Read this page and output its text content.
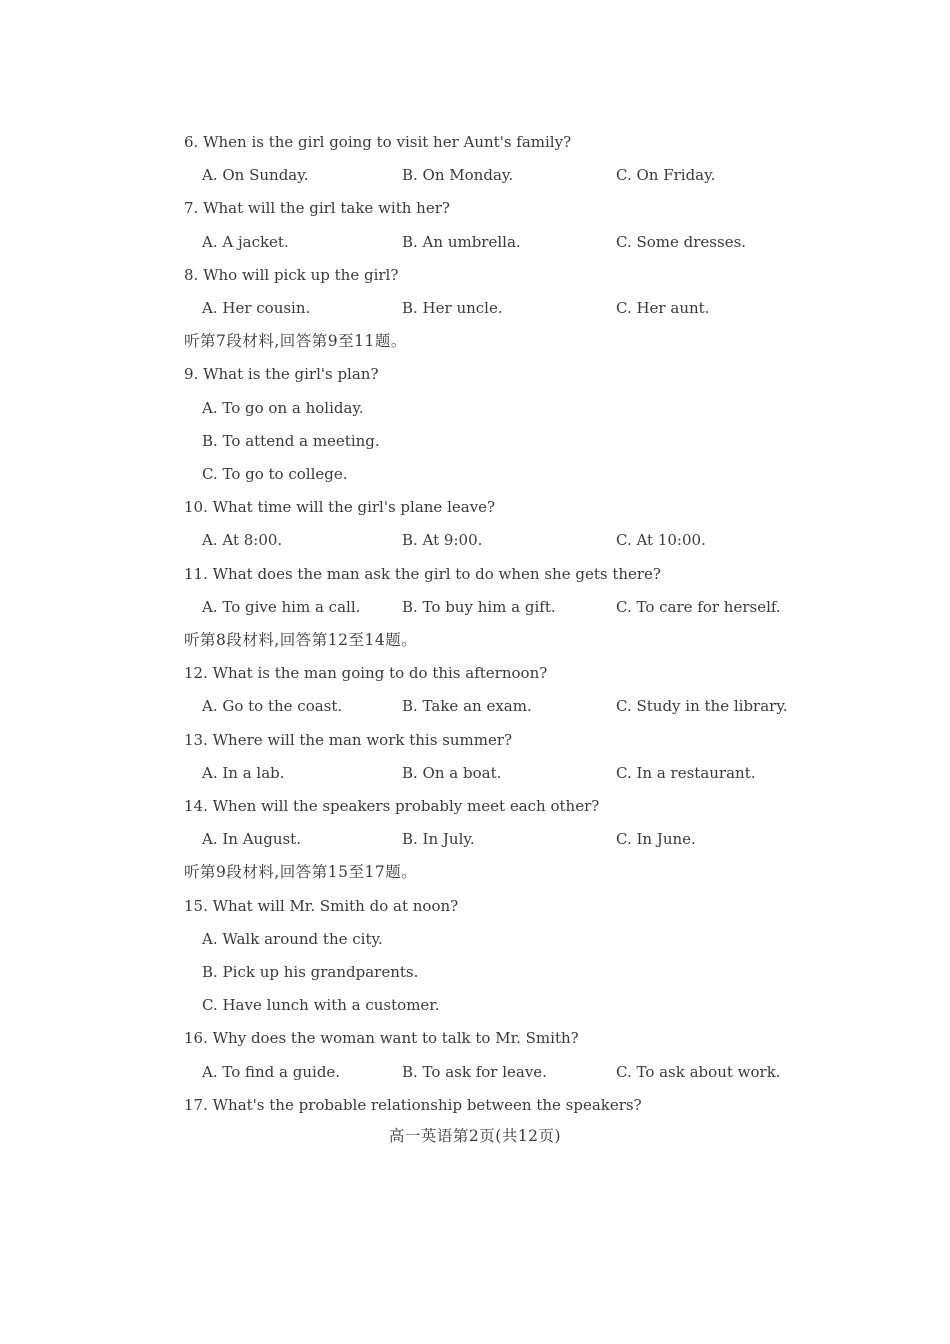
6. When is the girl going to visit her Aunt's family?
A. On Sunday.	B. On Monday.	C. On Friday.
7. What will the girl take with her?
A. A jacket.	B. An umbrella.	C. Some dresses.
8. Who will pick up the girl?
A. Her cousin.	B. Her uncle.	C. Her aunt.
听第7段材料,回答第9至11题。
9. What is the girl's plan?
A. To go on a holiday.
B. To attend a meeting.
C. To go to college.
10. What time will the girl's plane leave?
A. At 8:00.	B. At 9:00.	C. At 10:00.
11. What does the man ask the girl to do when she gets there?
A. To give him a call.	B. To buy him a gift.	C. To care for herself.
听第8段材料,回答第12至14题。
12. What is the man going to do this afternoon?
A. Go to the coast.	B. Take an exam.	C. Study in the library.
13. Where will the man work this summer?
A. In a lab.	B. On a boat.	C. In a restaurant.
14. When will the speakers probably meet each other?
A. In August.	B. In July.	C. In June.
听第9段材料,回答第15至17题。
15. What will Mr. Smith do at noon?
A. Walk around the city.
B. Pick up his grandparents.
C. Have lunch with a customer.
16. Why does the woman want to talk to Mr. Smith?
A. To find a guide.	B. To ask for leave.	C. To ask about work.
17. What's the probable relationship between the speakers?
高一英语第2页(共12页)
